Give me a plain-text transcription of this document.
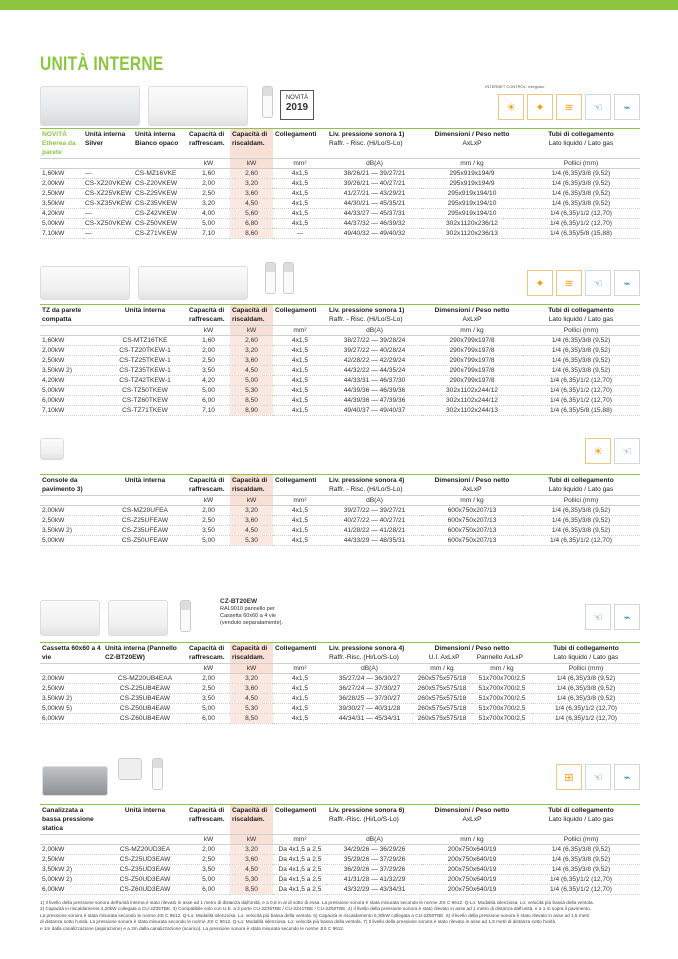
UNITÀ INTERNE
NOVITÀ
2019
INTERNET CONTROL: Integrato.
☀	✦	≋	☜	⌁
NOVITÀ Etherea da parete	Unità interna Silver	Unità interna Bianco opaco	Capacità di raffrescam.	Capacità di riscaldam.	Collegamenti	Liv. pressione sonora 1)
Raffr. - Risc. (Hi/Lo/S-Lo)	Dimensioni / Peso netto
AxLxP	Tubi di collegamento
Lato liquido / Lato gas
			kW	kW	mm²	dB(A)	mm / kg	Pollici (mm)
1,60kW	—	CS-MZ16VKE	1,60	2,60	4x1,5	38/26/21 — 39/27/21	295x919x194/9	1/4 (6,35)/3/8 (9,52)
2,00kW	CS-XZ20VKEW	CS-Z20VKEW	2,00	3,20	4x1,5	39/26/21 — 40/27/21	295x919x194/9	1/4 (6,35)/3/8 (9,52)
2,50kW	CS-XZ25VKEW	CS-Z25VKEW	2,50	3,60	4x1,5	41/27/21 — 43/29/21	295x919x194/10	1/4 (6,35)/3/8 (9,52)
3,50kW	CS-XZ35VKEW	CS-Z35VKEW	3,20	4,50	4x1,5	44/30/21 — 45/35/21	295x919x194/10	1/4 (6,35)/3/8 (9,52)
4,20kW	—	CS-Z42VKEW	4,00	5,60	4x1,5	44/33/27 — 45/37/31	295x919x194/10	1/4 (6,35)/1/2 (12,70)
5,00kW	CS-XZ50VKEW	CS-Z50VKEW	5,00	6,80	4x1,5	44/37/32 — 46/39/32	302x1120x236/12	1/4 (6,35)/1/2 (12,70)
7,10kW	—	CS-Z71VKEW	7,10	8,60	—	49/40/32 — 49/40/32	302x1120x236/13	1/4 (6,35)/5/8 (15,88)
✦	≋	☜	⌁
TZ da parete compatta	Unità interna	Capacità di raffrescam.	Capacità di riscaldam.	Collegamenti	Liv. pressione sonora 1)
Raffr. - Risc. (Hi/Lo/S-Lo)	Dimensioni / Peso netto
AxLxP	Tubi di collegamento
Lato liquido / Lato gas
		kW	kW	mm²	dB(A)	mm / kg	Pollici (mm)
1,60kW	CS-MTZ16TKE	1,60	2,60	4x1,5	38/27/22 — 39/28/24	290x799x197/8	1/4 (6,35)/3/8 (9,52)
2,00kW	CS-TZ20TKEW-1	2,00	3,20	4x1,5	39/27/22 — 40/28/24	290x799x197/8	1/4 (6,35)/3/8 (9,52)
2,50kW	CS-TZ25TKEW-1	2,50	3,60	4x1,5	42/28/22 — 42/29/24	290x799x197/8	1/4 (6,35)/3/8 (9,52)
3,50kW 2)	CS-TZ35TKEW-1	3,50	4,50	4x1,5	44/32/22 — 44/35/24	290x799x197/8	1/4 (6,35)/3/8 (9,52)
4,20kW	CS-TZ42TKEW-1	4,20	5,00	4x1,5	44/33/31 — 46/37/30	290x799x197/8	1/4 (6,35)/1/2 (12,70)
5,00kW	CS-TZ50TKEW	5,00	5,30	4x1,5	44/39/36 — 46/39/36	302x1102x244/12	1/4 (6,35)/1/2 (12,70)
6,00kW	CS-TZ60TKEW	6,00	8,50	4x1,5	44/39/36 — 47/39/36	302x1102x244/12	1/4 (6,35)/1/2 (12,70)
7,10kW	CS-TZ71TKEW	7,10	8,90	4x1,5	49/40/37 — 49/40/37	302x1102x244/13	1/4 (6,35)/5/8 (15,88)
☀	☜
Console da pavimento 3)	Unità interna	Capacità di raffrescam.	Capacità di riscaldam.	Collegamenti	Liv. pressione sonora 4)
Raffr. - Risc. (Hi/Lo/S-Lo)	Dimensioni / Peso netto
AxLxP	Tubi di collegamento
Lato liquido / Lato gas
		kW	kW	mm²	dB(A)	mm / kg	Pollici (mm)
2,00kW	CS-MZ20UFEA	2,00	3,20	4x1,5	39/27/22 — 39/27/21	600x750x207/13	1/4 (6,35)/3/8 (9,52)
2,50kW	CS-Z25UFEAW	2,50	3,60	4x1,5	40/27/22 — 40/27/21	600x750x207/13	1/4 (6,35)/3/8 (9,52)
3,50kW 2)	CS-Z35UFEAW	3,50	4,50	4x1,5	41/28/22 — 41/28/21	600x750x207/13	1/4 (6,35)/3/8 (9,52)
5,00kW	CS-Z50UFEAW	5,00	5,30	4x1,5	44/33/29 — 48/35/31	600x750x207/13	1/4 (6,35)/1/2 (12,70)
CZ-BT20EW
RAL9010 pannello per Cassetta 60x60 a 4 vie (venduto separatamente).	☜	⌁
Cassetta 60x60 a 4 vie	Unità interna (Pannello CZ-BT20EW)	Capacità di raffrescam.	Capacità di riscaldam.	Collegamenti	Liv. pressione sonora 4)
Raffr.-Risc. (Hi/Lo/S-Lo)	Dimensioni / Peso netto
U.I. AxLxP Pannello AxLxP		Tubi di collegamento
Lato liquido / Lato gas
		kW	kW	mm²	dB(A)	mm / kg	mm / kg	Pollici (mm)
2,00kW	CS-MZ20UB4EAA	2,00	3,20	4x1,5	35/27/24 — 36/30/27	260x575x575/18	51x700x700/2,5	1/4 (6,35)/3/8 (9,52)
2,50kW	CS-Z25UB4EAW	2,50	3,60	4x1,5	36/27/24 — 37/30/27	260x575x575/18	51x700x700/2,5	1/4 (6,35)/3/8 (9,52)
3,50kW 2)	CS-Z35UB4EAW	3,50	4,50	4x1,5	36/28/25 — 37/30/27	260x575x575/18	51x700x700/2,5	1/4 (6,35)/3/8 (9,52)
5,00kW 5)	CS-Z50UB4EAW	5,00	5,30	4x1,5	39/30/27 — 40/31/28	260x575x575/18	51x700x700/2,5	1/4 (6,35)/1/2 (12,70)
6,00kW	CS-Z60UB4EAW	6,00	8,50	4x1,5	44/34/31 — 45/34/31	260x575x575/18	51x700x700/2,5	1/4 (6,35)/1/2 (12,70)
⊞	☜	⌁
Canalizzata a bassa pressione statica	Unità interna	Capacità di raffrescam.	Capacità di riscaldam.	Collegamenti	Liv. pressione sonora 6)
Raffr.-Risc. (Hi/Lo/S-Lo)	Dimensioni / Peso netto
AxLxP	Tubi di collegamento
Lato liquido / Lato gas
		kW	kW	mm²	dB(A)	mm / kg	Pollici (mm)
2,00kW	CS-MZ20UD3EA	2,00	3,20	Da 4x1,5 a 2,5	34/29/26 — 36/29/26	200x750x640/19	1/4 (6,35)/3/8 (9,52)
2,50kW	CS-Z25UD3EAW	2,50	3,60	Da 4x1,5 a 2,5	35/29/26 — 37/29/26	200x750x640/19	1/4 (6,35)/3/8 (9,52)
3,50kW 2)	CS-Z35UD3EAW	3,50	4,50	Da 4x1,5 a 2,5	36/29/26 — 37/29/26	200x750x640/19	1/4 (6,35)/3/8 (9,52)
5,00kW 2)	CS-Z50UD3EAW	5,00	5,30	Da 4x1,5 a 2,5	41/31/28 — 41/32/29	200x750x640/19	1/4 (6,35)/1/2 (12,70)
6,00kW	CS-Z60UD3EAW	6,00	8,50	Da 4x1,5 a 2,5	43/32/29 — 43/34/31	200x750x640/19	1/4 (6,35)/1/2 (12,70)
1) Il livello della pressione sonora dell'unità interna è stato rilevato in asse ad 1 metro di distanza dall'unità, e a 0,8 m al di sotto di essa. La pressione sonora è stata misurata secondo le norme JIS C 9612. Q-Lo: Modalità silenziosa. Lo: velocità più bassa della ventola.
2) Capacità in riscaldamento 4,20kW collegata a CU-2Z35TBE. 3) Compatibile solo con U.E. a 2 porte CU-2Z35TBE / CU-2Z41TBE / CU-2Z50TBE. 4) Il livello della pressione sonora è stato rilevato in asse ad 1 metro di distanza dall'unità, e a 1 m sopra il pavimento.
La pressione sonora è stata misurata secondo le norme JIS C 9612. Q-Lo: Modalità silenziosa. Lo: velocità più bassa della ventola. 5) Capacità in riscaldamento 5,30kW collegata a CU-2Z50TBE. 6) Il livello della pressione sonora è stato rilevato in asse ad 1,5 metri
di distanza sotto l'unità. La pressione sonora è stata misurata secondo le norme JIS C 9612. Q-Lo: Modalità silenziosa. Lo: velocità più bassa della ventola. 7) Il livello della pressione sonora è stato rilevato in asse ad 1,5 metri di distanza sotto l'unità
e 1m dalla canalizzazione (aspirazione) e a 2m dalla canalizzazione (scarico). La pressione sonora è stata misurata secondo le norme JIS C 9612.
